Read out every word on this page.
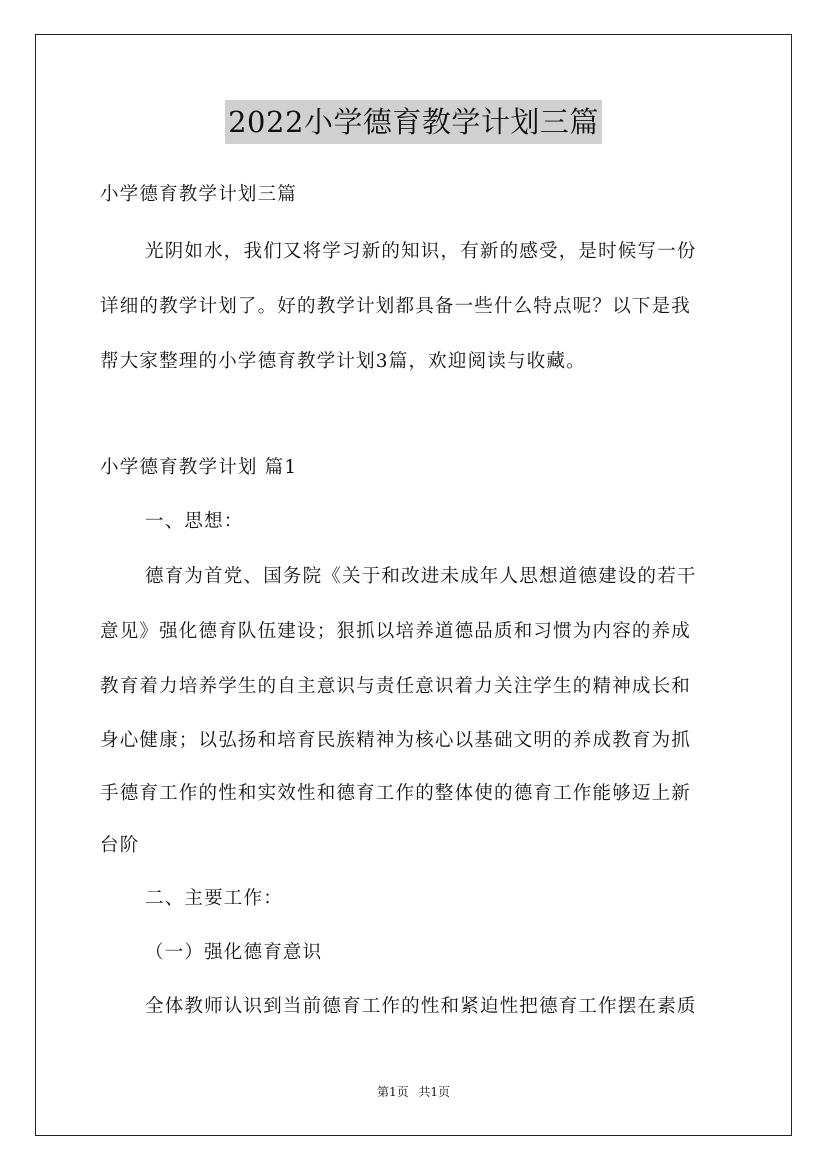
2022小学德育教学计划三篇
小学德育教学计划三篇
光阴如水，我们又将学习新的知识，有新的感受，是时候写一份
详细的教学计划了。好的教学计划都具备一些什么特点呢？以下是我
帮大家整理的小学德育教学计划3篇，欢迎阅读与收藏。
小学德育教学计划 篇1
一、思想：
德育为首党、国务院《关于和改进未成年人思想道德建设的若干
意见》强化德育队伍建设；狠抓以培养道德品质和习惯为内容的养成
教育着力培养学生的自主意识与责任意识着力关注学生的精神成长和
身心健康；以弘扬和培育民族精神为核心以基础文明的养成教育为抓
手德育工作的性和实效性和德育工作的整体使的德育工作能够迈上新
台阶
二、主要工作：
（一）强化德育意识
全体教师认识到当前德育工作的性和紧迫性把德育工作摆在素质
第1页 共1页
